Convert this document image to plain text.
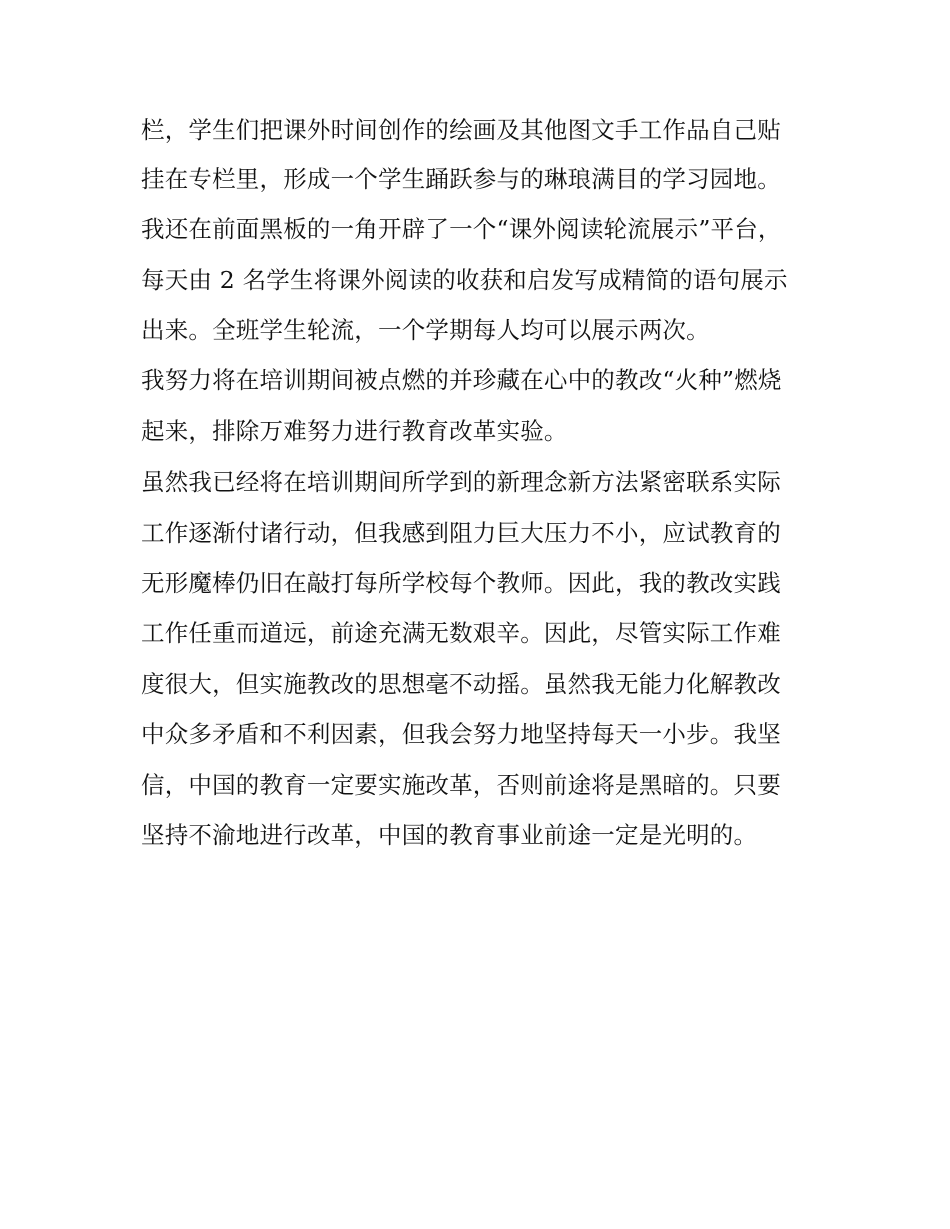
栏，学生们把课外时间创作的绘画及其他图文手工作品自己贴
挂在专栏里，形成一个学生踊跃参与的琳琅满目的学习园地。
我还在前面黑板的一角开辟了一个“课外阅读轮流展示”平台，
每天由 2 名学生将课外阅读的收获和启发写成精简的语句展示
出来。全班学生轮流，一个学期每人均可以展示两次。
我努力将在培训期间被点燃的并珍藏在心中的教改“火种”燃烧
起来，排除万难努力进行教育改革实验。
虽然我已经将在培训期间所学到的新理念新方法紧密联系实际
工作逐渐付诸行动，但我感到阻力巨大压力不小，应试教育的
无形魔棒仍旧在敲打每所学校每个教师。因此，我的教改实践
工作任重而道远，前途充满无数艰辛。因此，尽管实际工作难
度很大，但实施教改的思想毫不动摇。虽然我无能力化解教改
中众多矛盾和不利因素，但我会努力地坚持每天一小步。我坚
信，中国的教育一定要实施改革，否则前途将是黑暗的。只要
坚持不渝地进行改革，中国的教育事业前途一定是光明的。
